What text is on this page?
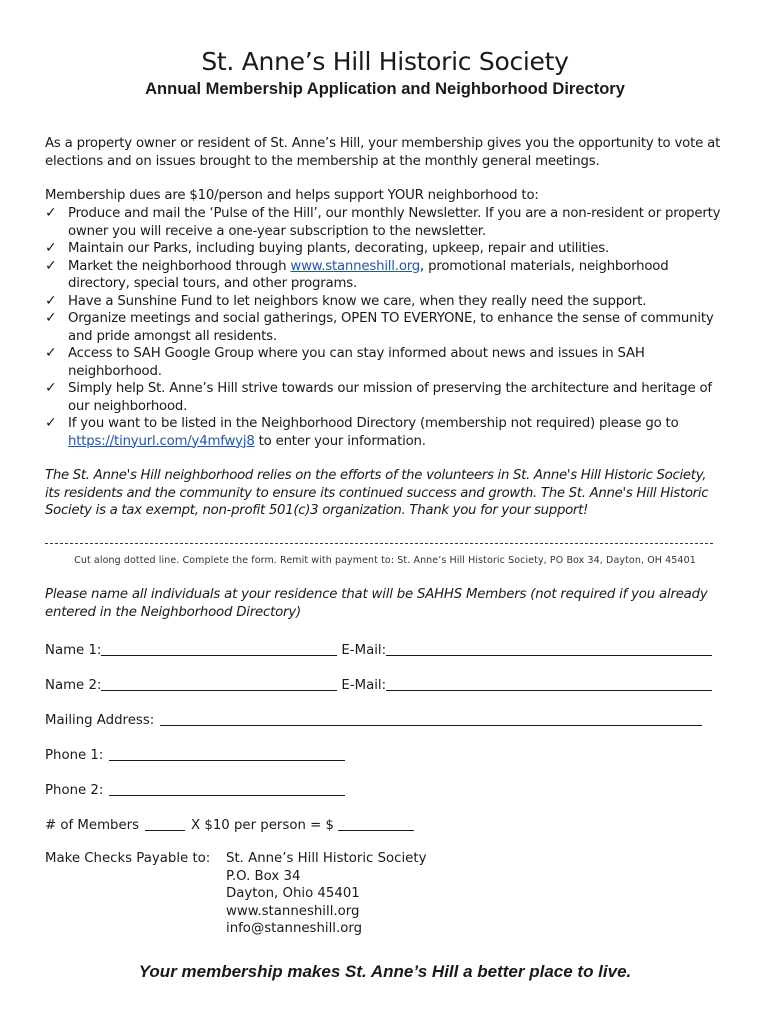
St. Anne’s Hill Historic Society
Annual Membership Application and Neighborhood Directory
As a property owner or resident of St. Anne’s Hill, your membership gives you the opportunity to vote at elections and on issues brought to the membership at the monthly general meetings.
Membership dues are $10/person and helps support YOUR neighborhood to:
✓ Produce and mail the ‘Pulse of the Hill’, our monthly Newsletter. If you are a non-resident or property owner you will receive a one-year subscription to the newsletter.
✓ Maintain our Parks, including buying plants, decorating, upkeep, repair and utilities.
✓ Market the neighborhood through www.stanneshill.org, promotional materials, neighborhood directory, special tours, and other programs.
✓ Have a Sunshine Fund to let neighbors know we care, when they really need the support.
✓ Organize meetings and social gatherings, OPEN TO EVERYONE, to enhance the sense of community and pride amongst all residents.
✓ Access to SAH Google Group where you can stay informed about news and issues in SAH neighborhood.
✓ Simply help St. Anne’s Hill strive towards our mission of preserving the architecture and heritage of our neighborhood.
✓ If you want to be listed in the Neighborhood Directory (membership not required) please go to https://tinyurl.com/y4mfwyj8 to enter your information.
The St. Anne's Hill neighborhood relies on the efforts of the volunteers in St. Anne's Hill Historic Society, its residents and the community to ensure its continued success and growth. The St. Anne's Hill Historic Society is a tax exempt, non-profit 501(c)3 organization. Thank you for your support!
Cut along dotted line. Complete the form. Remit with payment to: St. Anne’s Hill Historic Society, PO Box 34, Dayton, OH 45401
Please name all individuals at your residence that will be SAHHS Members (not required if you already entered in the Neighborhood Directory)
Name 1:	E-Mail:
Name 2:	E-Mail:
Mailing Address:
Phone 1:
Phone 2:
# of Members	X $10 per person = $
Make Checks Payable to: St. Anne’s Hill Historic Society
P.O. Box 34
Dayton, Ohio 45401
www.stanneshill.org
info@stanneshill.org
Your membership makes St. Anne’s Hill a better place to live.
